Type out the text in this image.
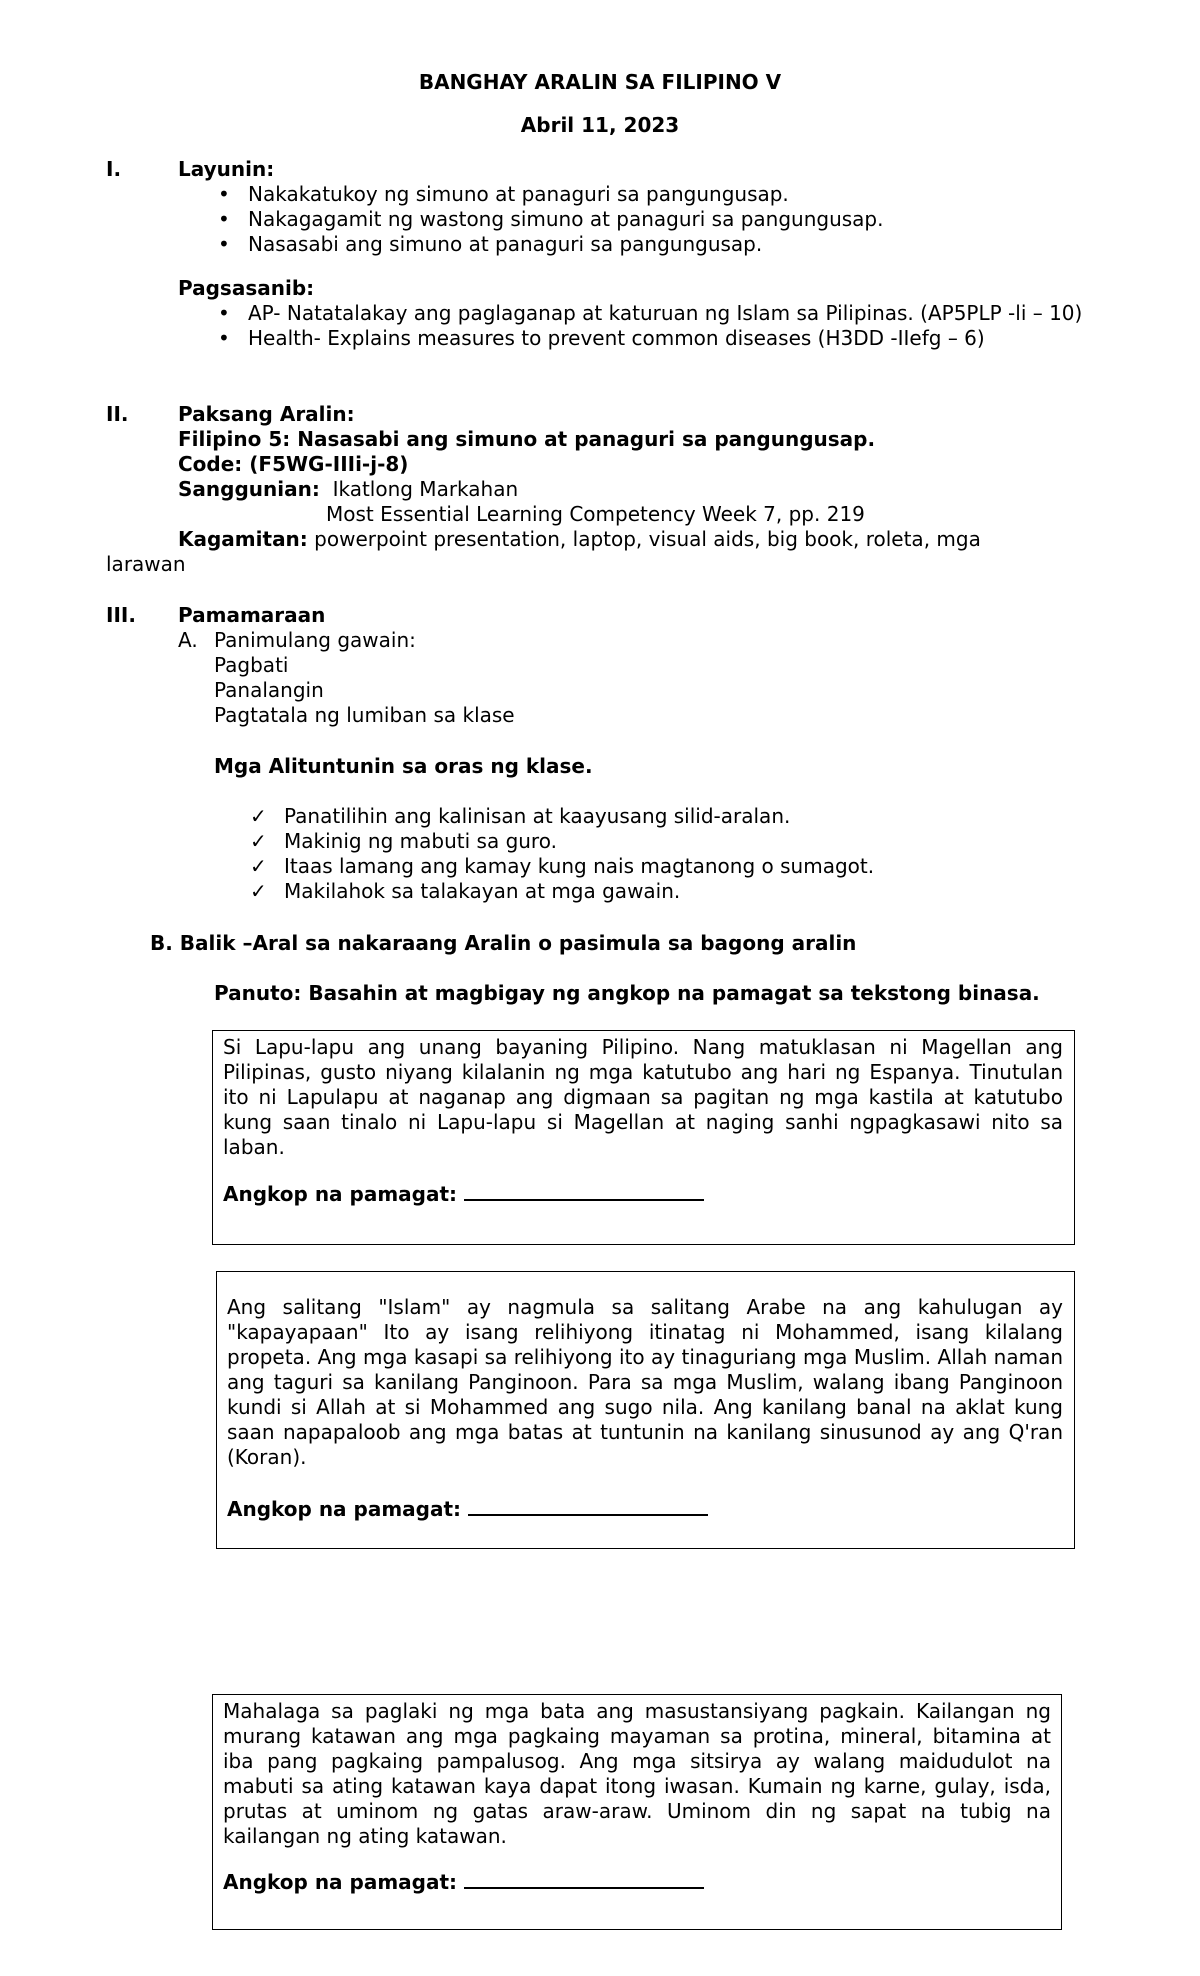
BANGHAY ARALIN SA FILIPINO V
Abril 11, 2023
I.	Layunin:
• Nakakatukoy ng simuno at panaguri sa pangungusap.
• Nakagagamit ng wastong simuno at panaguri sa pangungusap.
• Nasasabi ang simuno at panaguri sa pangungusap.
Pagsasanib:
• AP- Natatalakay ang paglaganap at katuruan ng Islam sa Pilipinas. (AP5PLP -li – 10)
• Health- Explains measures to prevent common diseases (H3DD -IIefg – 6)
II. Paksang Aralin:
Filipino 5: Nasasabi ang simuno at panaguri sa pangungusap.
Code: (F5WG-IIIi-j-8)
Sanggunian: Ikatlong Markahan
Most Essential Learning Competency Week 7, pp. 219
Kagamitan: powerpoint presentation, laptop, visual aids, big book, roleta, mga
larawan
III. Pamamaraan
A. Panimulang gawain:
Pagbati
Panalangin
Pagtatala ng lumiban sa klase
Mga Alituntunin sa oras ng klase.
✓ Panatilihin ang kalinisan at kaayusang silid-aralan.
✓ Makinig ng mabuti sa guro.
✓ Itaas lamang ang kamay kung nais magtanong o sumagot.
✓ Makilahok sa talakayan at mga gawain.
B. Balik –Aral sa nakaraang Aralin o pasimula sa bagong aralin
Panuto: Basahin at magbigay ng angkop na pamagat sa tekstong binasa.
Si Lapu-lapu ang unang bayaning Pilipino. Nang matuklasan ni Magellan ang Pilipinas, gusto niyang kilalanin ng mga katutubo ang hari ng Espanya. Tinutulan ito ni Lapulapu at naganap ang digmaan sa pagitan ng mga kastila at katutubo kung saan tinalo ni Lapu-lapu si Magellan at naging sanhi ngpagkasawi nito sa laban.
Angkop na pamagat:
Ang salitang "Islam" ay nagmula sa salitang Arabe na ang kahulugan ay "kapayapaan" Ito ay isang relihiyong itinatag ni Mohammed, isang kilalang propeta. Ang mga kasapi sa relihiyong ito ay tinaguriang mga Muslim. Allah naman ang taguri sa kanilang Panginoon. Para sa mga Muslim, walang ibang Panginoon kundi si Allah at si Mohammed ang sugo nila. Ang kanilang banal na aklat kung saan napapaloob ang mga batas at tuntunin na kanilang sinusunod ay ang Q'ran (Koran).
Angkop na pamagat:
Mahalaga sa paglaki ng mga bata ang masustansiyang pagkain. Kailangan ng murang katawan ang mga pagkaing mayaman sa protina, mineral, bitamina at iba pang pagkaing pampalusog. Ang mga sitsirya ay walang maidudulot na mabuti sa ating katawan kaya dapat itong iwasan. Kumain ng karne, gulay, isda, prutas at uminom ng gatas araw-araw. Uminom din ng sapat na tubig na kailangan ng ating katawan.
Angkop na pamagat:
